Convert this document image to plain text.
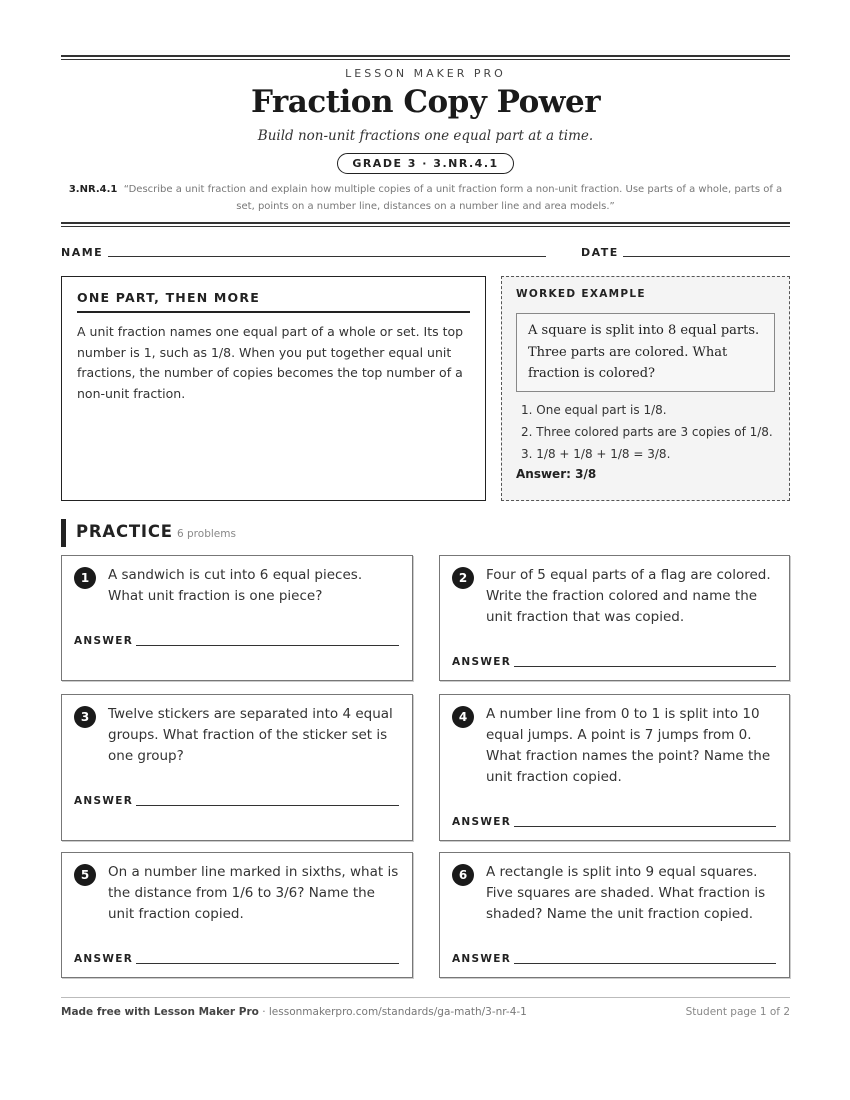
LESSON MAKER PRO
Fraction Copy Power
Build non-unit fractions one equal part at a time.
GRADE 3 · 3.NR.4.1
3.NR.4.1 “Describe a unit fraction and explain how multiple copies of a unit fraction form a non-unit fraction. Use parts of a whole, parts of a set, points on a number line, distances on a number line and area models.”
NAME	DATE
ONE PART, THEN MORE

A unit fraction names one equal part of a whole or set. Its top number is 1, such as 1/8. When you put together equal unit fractions, the number of copies becomes the top number of a non-unit fraction.

WORKED EXAMPLE
A square is split into 8 equal parts. Three parts are colored. What fraction is colored?
1. One equal part is 1/8.
2. Three colored parts are 3 copies of 1/8.
3. 1/8 + 1/8 + 1/8 = 3/8.
Answer: 3/8
PRACTICE 6 problems
1	A sandwich is cut into 6 equal pieces. What unit fraction is one piece?
ANSWER
2	Four of 5 equal parts of a flag are colored. Write the fraction colored and name the unit fraction that was copied.
ANSWER
3	Twelve stickers are separated into 4 equal groups. What fraction of the sticker set is one group?
ANSWER
4	A number line from 0 to 1 is split into 10 equal jumps. A point is 7 jumps from 0. What fraction names the point? Name the unit fraction copied.
ANSWER
5	On a number line marked in sixths, what is the distance from 1/6 to 3/6? Name the unit fraction copied.
ANSWER
6	A rectangle is split into 9 equal squares. Five squares are shaded. What fraction is shaded? Name the unit fraction copied.
ANSWER
Made free with Lesson Maker Pro · lessonmakerpro.com/standards/ga-math/3-nr-4-1	Student page 1 of 2
